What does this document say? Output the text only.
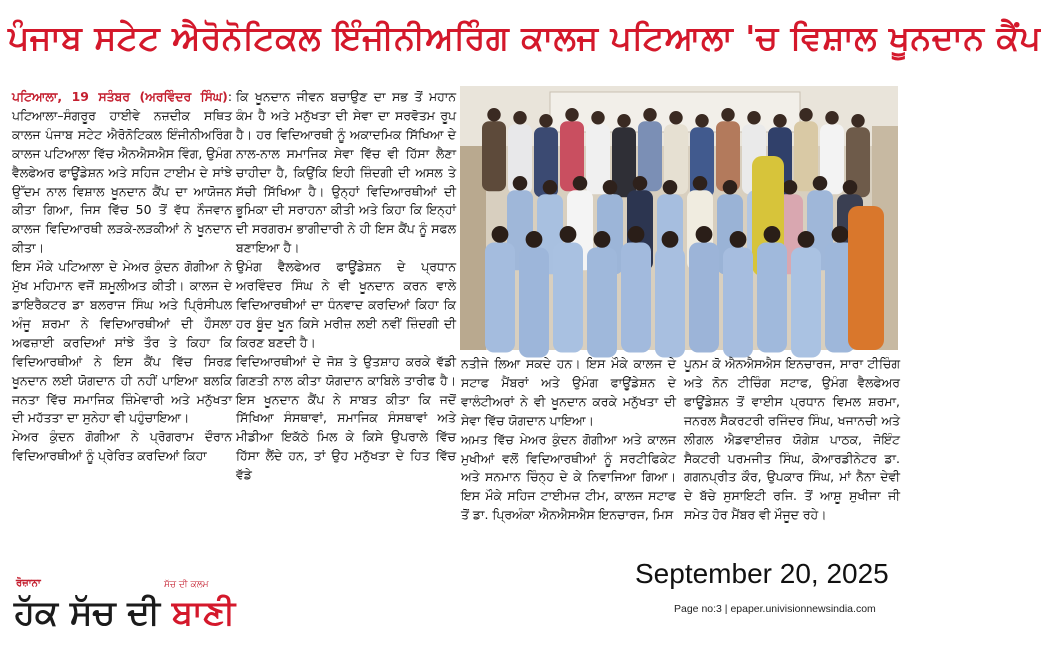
ਪੰਜਾਬ ਸਟੇਟ ਐਰੋਨੋਟਿਕਲ ਇੰਜੀਨੀਅਰਿੰਗ ਕਾਲਜ ਪਟਿਆਲਾ 'ਚ ਵਿਸ਼ਾਲ ਖੂਨਦਾਨ ਕੈਂਪ

ਪਟਿਆਲਾ, 19 ਸਤੰਬਰ (ਅਰਵਿੰਦਰ ਸਿੰਘ): ਪਟਿਆਲਾ–ਸੰਗਰੂਰ ਹਾਈਵੇ ਨਜ਼ਦੀਕ ਸਥਿਤ ਕਾਲਜ ਪੰਜਾਬ ਸਟੇਟ ਐਰੋਨੋਟਿਕਲ ਇੰਜੀਨੀਅਰਿੰਗ ਕਾਲਜ ਪਟਿਆਲਾ ਵਿੱਚ ਐਨਐਸਐਸ ਵਿੰਗ, ਉਮੰਗ ਵੈਲਫੇਅਰ ਫਾਊਂਡੇਸ਼ਨ ਅਤੇ ਸਹਿਜ ਟਾਈਮ ਦੇ ਸਾਂਝੇ ਉੱਦਮ ਨਾਲ ਵਿਸ਼ਾਲ ਖੂਨਦਾਨ ਕੈਂਪ ਦਾ ਆਯੋਜਨ ਕੀਤਾ ਗਿਆ, ਜਿਸ ਵਿੱਚ 50 ਤੋਂ ਵੱਧ ਨੌਜਵਾਨ ਕਾਲਜ ਵਿਦਿਆਰਥੀ ਲੜਕੇ-ਲੜਕੀਆਂ ਨੇ ਖੂਨਦਾਨ ਕੀਤਾ।

ਇਸ ਮੌਕੇ ਪਟਿਆਲਾ ਦੇ ਮੇਅਰ ਕੁੰਦਨ ਗੋਗੀਆ ਨੇ ਮੁੱਖ ਮਹਿਮਾਨ ਵਜੋਂ ਸ਼ਮੂਲੀਅਤ ਕੀਤੀ। ਕਾਲਜ ਦੇ ਡਾਇਰੈਕਟਰ ਡਾ ਬਲਰਾਜ ਸਿੰਘ ਅਤੇ ਪ੍ਰਿੰਸੀਪਲ ਅੰਜੂ ਸ਼ਰਮਾ ਨੇ ਵਿਦਿਆਰਥੀਆਂ ਦੀ ਹੌਸਲਾ ਅਫਜ਼ਾਈ ਕਰਦਿਆਂ ਸਾਂਝੇ ਤੌਰ ਤੇ ਕਿਹਾ ਕਿ ਵਿਦਿਆਰਥੀਆਂ ਨੇ ਇਸ ਕੈਂਪ ਵਿੱਚ ਸਿਰਫ਼ ਖੂਨਦਾਨ ਲਈ ਯੋਗਦਾਨ ਹੀ ਨਹੀਂ ਪਾਇਆ ਬਲਕਿ ਜਨਤਾ ਵਿੱਚ ਸਮਾਜਿਕ ਜ਼ਿੰਮੇਵਾਰੀ ਅਤੇ ਮਨੁੱਖਤਾ ਦੀ ਮਹੱਤਤਾ ਦਾ ਸੁਨੇਹਾ ਵੀ ਪਹੁੰਚਾਇਆ।

ਮੇਅਰ ਕੁੰਦਨ ਗੋਗੀਆ ਨੇ ਪ੍ਰੋਗਰਾਮ ਦੌਰਾਨ ਵਿਦਿਆਰਥੀਆਂ ਨੂੰ ਪ੍ਰੇਰਿਤ ਕਰਦਿਆਂ ਕਿਹਾ

ਕਿ ਖੂਨਦਾਨ ਜੀਵਨ ਬਚਾਉਣ ਦਾ ਸਭ ਤੋਂ ਮਹਾਨ ਕੰਮ ਹੈ ਅਤੇ ਮਨੁੱਖਤਾ ਦੀ ਸੇਵਾ ਦਾ ਸਰਵੋਤਮ ਰੂਪ ਹੈ। ਹਰ ਵਿਦਿਆਰਥੀ ਨੂੰ ਅਕਾਦਮਿਕ ਸਿੱਖਿਆ ਦੇ ਨਾਲ-ਨਾਲ ਸਮਾਜਿਕ ਸੇਵਾ ਵਿੱਚ ਵੀ ਹਿੱਸਾ ਲੈਣਾ ਚਾਹੀਦਾ ਹੈ, ਕਿਉਂਕਿ ਇਹੀ ਜ਼ਿੰਦਗੀ ਦੀ ਅਸਲ ਤੇ ਸੱਚੀ ਸਿੱਖਿਆ ਹੈ। ਉਨ੍ਹਾਂ ਵਿਦਿਆਰਥੀਆਂ ਦੀ ਭੂਮਿਕਾ ਦੀ ਸਰਾਹਨਾ ਕੀਤੀ ਅਤੇ ਕਿਹਾ ਕਿ ਇਨ੍ਹਾਂ ਦੀ ਸਰਗਰਮ ਭਾਗੀਦਾਰੀ ਨੇ ਹੀ ਇਸ ਕੈਂਪ ਨੂੰ ਸਫਲ ਬਣਾਇਆ ਹੈ।

ਉਮੰਗ ਵੈਲਫੇਅਰ ਫਾਊਂਡੇਸ਼ਨ ਦੇ ਪ੍ਰਧਾਨ ਅਰਵਿੰਦਰ ਸਿੰਘ ਨੇ ਵੀ ਖੂਨਦਾਨ ਕਰਨ ਵਾਲੇ ਵਿਦਿਆਰਥੀਆਂ ਦਾ ਧੰਨਵਾਦ ਕਰਦਿਆਂ ਕਿਹਾ ਕਿ ਹਰ ਬੂੰਦ ਖੂਨ ਕਿਸੇ ਮਰੀਜ਼ ਲਈ ਨਵੀਂ ਜ਼ਿੰਦਗੀ ਦੀ ਕਿਰਣ ਬਣਦੀ ਹੈ।

ਵਿਦਿਆਰਥੀਆਂ ਦੇ ਜੋਸ਼ ਤੇ ਉਤਸ਼ਾਹ ਕਰਕੇ ਵੱਡੀ ਗਿਣਤੀ ਨਾਲ ਕੀਤਾ ਯੋਗਦਾਨ ਕਾਬਿਲੇ ਤਾਰੀਫ ਹੈ। ਇਸ ਖੂਨਦਾਨ ਕੈਂਪ ਨੇ ਸਾਬਤ ਕੀਤਾ ਕਿ ਜਦੋਂ ਸਿੱਖਿਆ ਸੰਸਥਾਵਾਂ, ਸਮਾਜਿਕ ਸੰਸਥਾਵਾਂ ਅਤੇ ਮੀਡੀਆ ਇਕੱਠੇ ਮਿਲ ਕੇ ਕਿਸੇ ਉਪਰਾਲੇ ਵਿੱਚ ਹਿੱਸਾ ਲੈਂਦੇ ਹਨ, ਤਾਂ ਉਹ ਮਨੁੱਖਤਾ ਦੇ ਹਿਤ ਵਿੱਚ ਵੱਡੇ

ਨਤੀਜੇ ਲਿਆ ਸਕਦੇ ਹਨ। ਇਸ ਮੌਕੇ ਕਾਲਜ ਦੇ ਸਟਾਫ ਮੈਂਬਰਾਂ ਅਤੇ ਉਮੰਗ ਫਾਊਂਡੇਸ਼ਨ ਦੇ ਵਾਲੰਟੀਅਰਾਂ ਨੇ ਵੀ ਖੂਨਦਾਨ ਕਰਕੇ ਮਨੁੱਖਤਾ ਦੀ ਸੇਵਾ ਵਿੱਚ ਯੋਗਦਾਨ ਪਾਇਆ।

ਅਮਤ ਵਿੱਚ ਮੇਅਰ ਕੁੰਦਨ ਗੋਗੀਆ ਅਤੇ ਕਾਲਜ ਮੁਖੀਆਂ ਵਲੋਂ ਵਿਦਿਆਰਥੀਆਂ ਨੂੰ ਸਰਟੀਫਿਕੇਟ ਅਤੇ ਸਨਮਾਨ ਚਿੰਨ੍ਹ ਦੇ ਕੇ ਨਿਵਾਜਿਆ ਗਿਆ। ਇਸ ਮੌਕੇ ਸਹਿਜ ਟਾਈਮਜ਼ ਟੀਮ, ਕਾਲਜ ਸਟਾਫ ਤੋਂ ਡਾ. ਪ੍ਰਿਅੰਕਾ ਐਨਐਸਐਸ ਇਨਚਾਰਜ, ਮਿਸ

ਪੂਨਮ ਕੋ ਐਨਐਸਐਸ ਇਨਚਾਰਜ, ਸਾਰਾ ਟੀਚਿੰਗ ਅਤੇ ਨੋਨ ਟੀਚਿੰਗ ਸਟਾਫ, ਉਮੰਗ ਵੈਲਫੇਅਰ ਫਾਊਂਡੇਸ਼ਨ ਤੋਂ ਵਾਈਸ ਪ੍ਰਧਾਨ ਵਿਮਲ ਸ਼ਰਮਾ, ਜਨਰਲ ਸੈਕਰਟਰੀ ਰਜਿੰਦਰ ਸਿੰਘ, ਖਜਾਨਚੀ ਅਤੇ ਲੀਗਲ ਐਡਵਾਈਜ਼ਰ ਯੋਗੇਸ਼ ਪਾਠਕ, ਜੋਇੰਟ ਸੈਕਟਰੀ ਪਰਮਜੀਤ ਸਿੰਘ, ਕੋਆਰਡੀਨੇਟਰ ਡਾ. ਗਗਨਪ੍ਰੀਤ ਕੌਰ, ਉਪਕਾਰ ਸਿੰਘ, ਮਾਂ ਨੈਨਾ ਦੇਵੀ ਦੇ ਬੱਚੇ ਸੁਸਾਇਟੀ ਰਜਿ. ਤੋਂ ਆਸ਼ੂ ਸੁਖੀਜਾ ਜੀ ਸਮੇਤ ਹੋਰ ਮੈਂਬਰ ਵੀ ਮੌਜੂਦ ਰਹੇ।

September 20, 2025
Page no:3 | epaper.univisionnewsindia.com
ਰੋਜ਼ਾਨਾ	ਸੱਚ ਦੀ ਕਲਮ
ਹੱਕ ਸੱਚ ਦੀ ਬਾਣੀ
